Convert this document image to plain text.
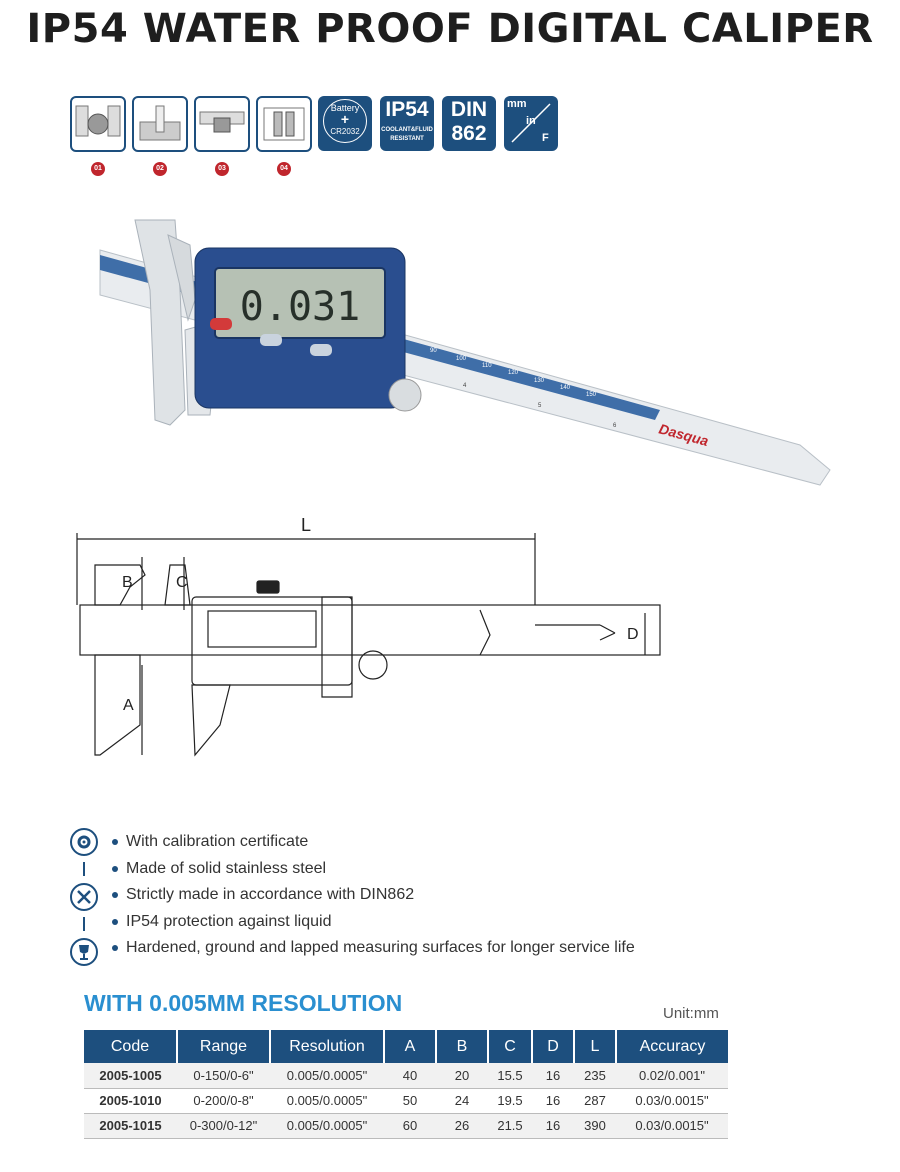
IP54 WATER PROOF DIGITAL CALIPER
01	02	03	04
Battery
+
CR2032
IP54
COOLANT&FLUID
RESISTANT
DIN
862
mm
in
F
0.031
90
100
110
120
130
140
150
4
5
6	Dasqua
L
B	C
A
D
With calibration certificate
Made of solid stainless steel
Strictly made in accordance with DIN862
IP54 protection against liquid
Hardened, ground and lapped measuring surfaces for longer service life
WITH 0.005MM RESOLUTION	Unit:mm
Code	Range	Resolution	A	B	C	D	L	Accuracy
2005-1005	0-150/0-6"	0.005/0.0005"	40	20	15.5	16	235	0.02/0.001"
2005-1010	0-200/0-8"	0.005/0.0005"	50	24	19.5	16	287	0.03/0.0015"
2005-1015	0-300/0-12"	0.005/0.0005"	60	26	21.5	16	390	0.03/0.0015"
